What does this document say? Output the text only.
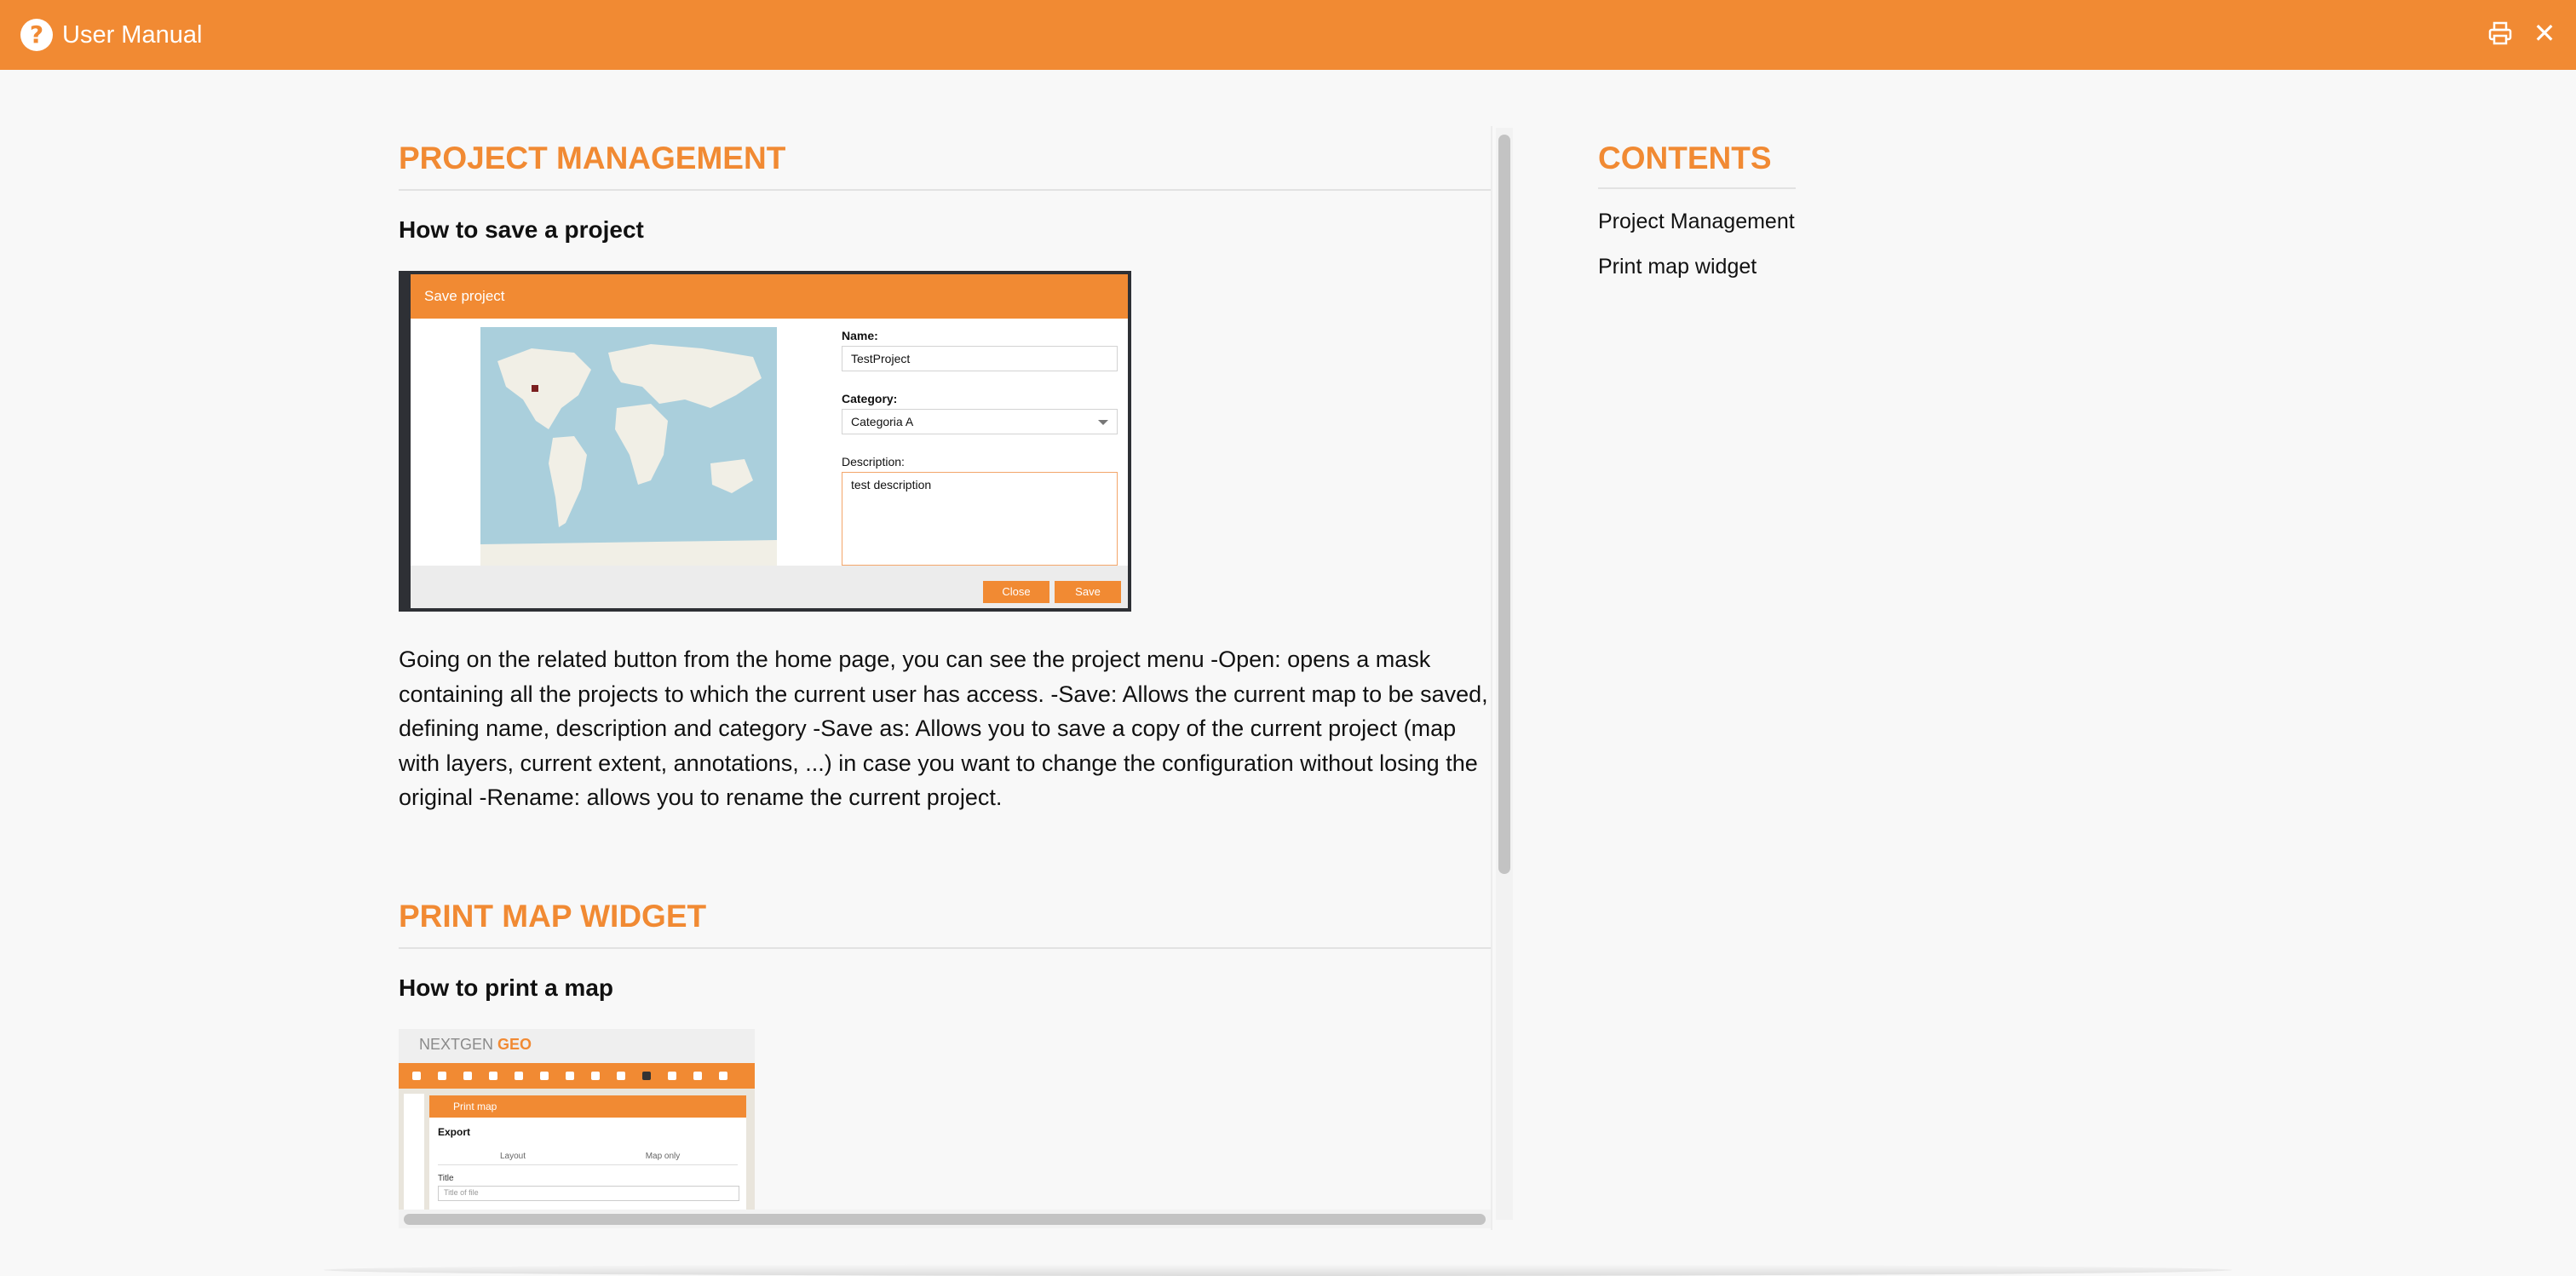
? User Manual	✕
PROJECT MANAGEMENT
How to save a project
Save project
Name:
TestProject
Category:
Categoria A
Description:
test description
Close	Save
Going on the related button from the home page, you can see the project menu -Open: opens a mask containing all the projects to which the current user has access. -Save: Allows the current map to be saved, defining name, description and category -Save as: Allows you to save a copy of the current project (map with layers, current extent, annotations, ...) in case you want to change the configuration without losing the original -Rename: allows you to rename the current project.
PRINT MAP WIDGET
How to print a map
NEXTGEN GEO
Print map
Export
Layout	Map only
Title
Title of file
CONTENTS
Project Management
Print map widget
